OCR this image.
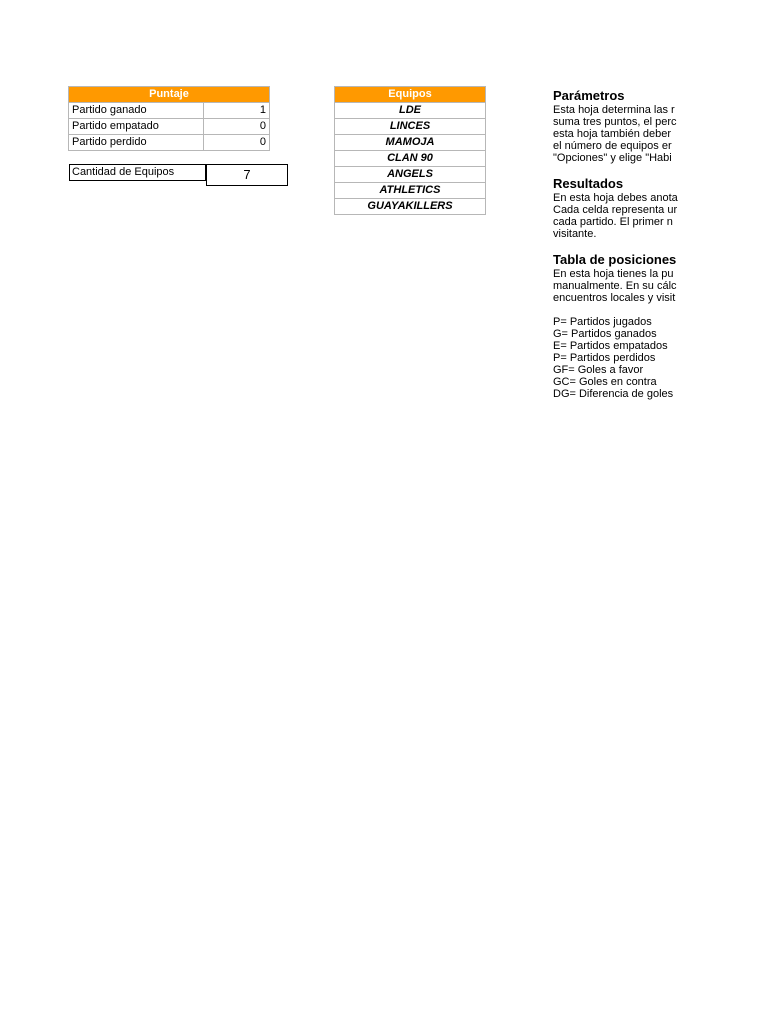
Puntaje	
Partido ganado	1
Partido empatado	0
Partido perdido	0
Cantidad de Equipos	7
Equipos
LDE
LINCES
MAMOJA
CLAN 90
ANGELS
ATHLETICS
GUAYAKILLERS

Parámetros

Esta hoja determina las r

suma tres puntos, el perc

esta hoja también deber

el número de equipos er

"Opciones" y elige "Habi

Resultados

En esta hoja debes anota

Cada celda representa ur

cada partido. El primer n

visitante.

Tabla de posiciones

En esta hoja tienes la pu

manualmente. En su cálc

encuentros locales y visit

P= Partidos jugados

G= Partidos ganados

E= Partidos empatados

P= Partidos perdidos

GF= Goles a favor

GC= Goles en contra

DG= Diferencia de goles
